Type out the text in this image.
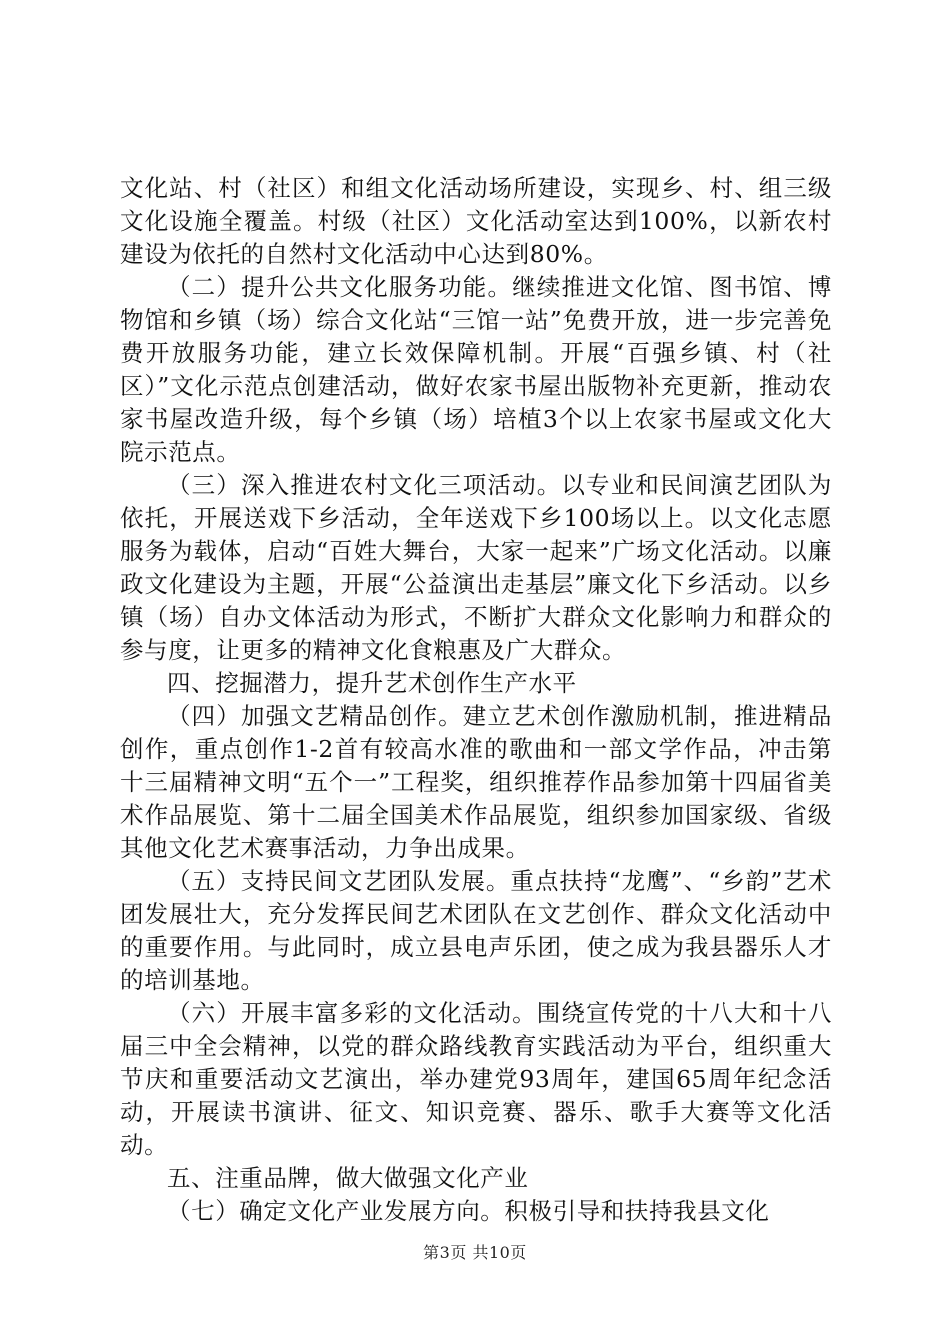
文化站、村（社区）和组文化活动场所建设，实现乡、村、组三级文化设施全覆盖。村级（社区）文化活动室达到100%，以新农村建设为依托的自然村文化活动中心达到80%。

（二）提升公共文化服务功能。继续推进文化馆、图书馆、博物馆和乡镇（场）综合文化站“三馆一站”免费开放，进一步完善免费开放服务功能，建立长效保障机制。开展“百强乡镇、村（社区）”文化示范点创建活动，做好农家书屋出版物补充更新，推动农家书屋改造升级，每个乡镇（场）培植3个以上农家书屋或文化大院示范点。

（三）深入推进农村文化三项活动。以专业和民间演艺团队为依托，开展送戏下乡活动，全年送戏下乡100场以上。以文化志愿服务为载体，启动“百姓大舞台，大家一起来”广场文化活动。以廉政文化建设为主题，开展“公益演出走基层”廉文化下乡活动。以乡镇（场）自办文体活动为形式，不断扩大群众文化影响力和群众的参与度，让更多的精神文化食粮惠及广大群众。

四、挖掘潜力，提升艺术创作生产水平

（四）加强文艺精品创作。建立艺术创作激励机制，推进精品创作，重点创作1-2首有较高水准的歌曲和一部文学作品，冲击第十三届精神文明“五个一”工程奖，组织推荐作品参加第十四届省美术作品展览、第十二届全国美术作品展览，组织参加国家级、省级其他文化艺术赛事活动，力争出成果。

（五）支持民间文艺团队发展。重点扶持“龙鹰”、“乡韵”艺术团发展壮大，充分发挥民间艺术团队在文艺创作、群众文化活动中的重要作用。与此同时，成立县电声乐团，使之成为我县器乐人才的培训基地。

（六）开展丰富多彩的文化活动。围绕宣传党的十八大和十八届三中全会精神，以党的群众路线教育实践活动为平台，组织重大节庆和重要活动文艺演出，举办建党93周年，建国65周年纪念活动，开展读书演讲、征文、知识竞赛、器乐、歌手大赛等文化活动。

五、注重品牌，做大做强文化产业

（七）确定文化产业发展方向。积极引导和扶持我县文化

第3页 共10页
